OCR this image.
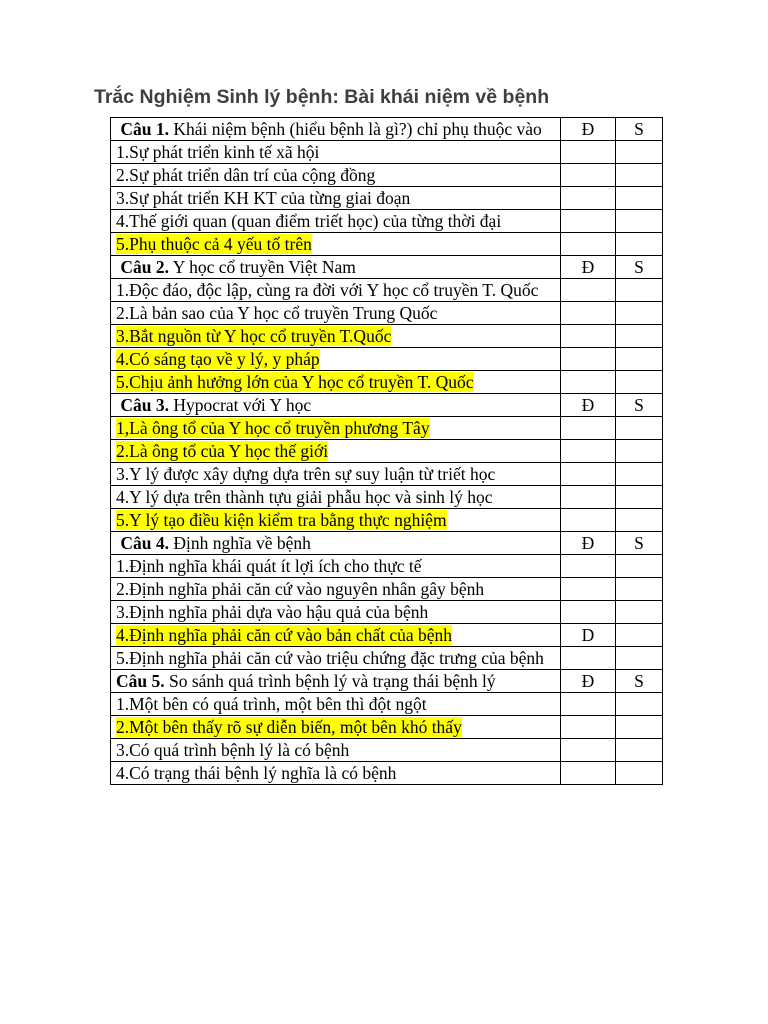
Trắc Nghiệm Sinh lý bệnh: Bài khái niệm về bệnh
Câu 1. Khái niệm bệnh (hiểu bệnh là gì?) chỉ phụ thuộc vào	Đ	S
1.Sự phát triển kinh tế xã hội		
2.Sự phát triển dân trí của cộng đồng		
3.Sự phát triển KH KT của từng giai đoạn		
4.Thế giới quan (quan điểm triết học) của từng thời đại		
5.Phụ thuộc cả 4 yếu tố trên		
Câu 2. Y học cổ truyền Việt Nam	Đ	S
1.Độc đáo, độc lập, cùng ra đời với Y học cổ truyền T. Quốc		
2.Là bản sao của Y học cổ truyền Trung Quốc		
3.Bắt nguồn từ Y học cổ truyền T.Quốc		
4.Có sáng tạo về y lý, y pháp		
5.Chịu ảnh hưởng lớn của Y học cổ truyền T. Quốc		
Câu 3. Hypocrat với Y học	Đ	S
1,Là ông tổ của Y học cổ truyền phương Tây		
2.Là ông tổ của Y học thế giới		
3.Y lý được xây dựng dựa trên sự suy luận từ triết học		
4.Y lý dựa trên thành tựu giải phẫu học và sinh lý học		
5.Y lý tạo điều kiện kiểm tra bằng thực nghiệm		
Câu 4. Định nghĩa về bệnh	Đ	S
1.Định nghĩa khái quát ít lợi ích cho thực tế		
2.Định nghĩa phải căn cứ vào nguyên nhân gây bệnh		
3.Định nghĩa phải dựa vào hậu quả của bệnh		
4.Định nghĩa phải căn cứ vào bản chất của bệnh	D	
5.Định nghĩa phải căn cứ vào triệu chứng đặc trưng của bệnh		
Câu 5. So sánh quá trình bệnh lý và trạng thái bệnh lý	Đ	S
1.Một bên có quá trình, một bên thì đột ngột		
2.Một bên thấy rõ sự diễn biến, một bên khó thấy		
3.Có quá trình bệnh lý là có bệnh		
4.Có trạng thái bệnh lý nghĩa là có bệnh		
